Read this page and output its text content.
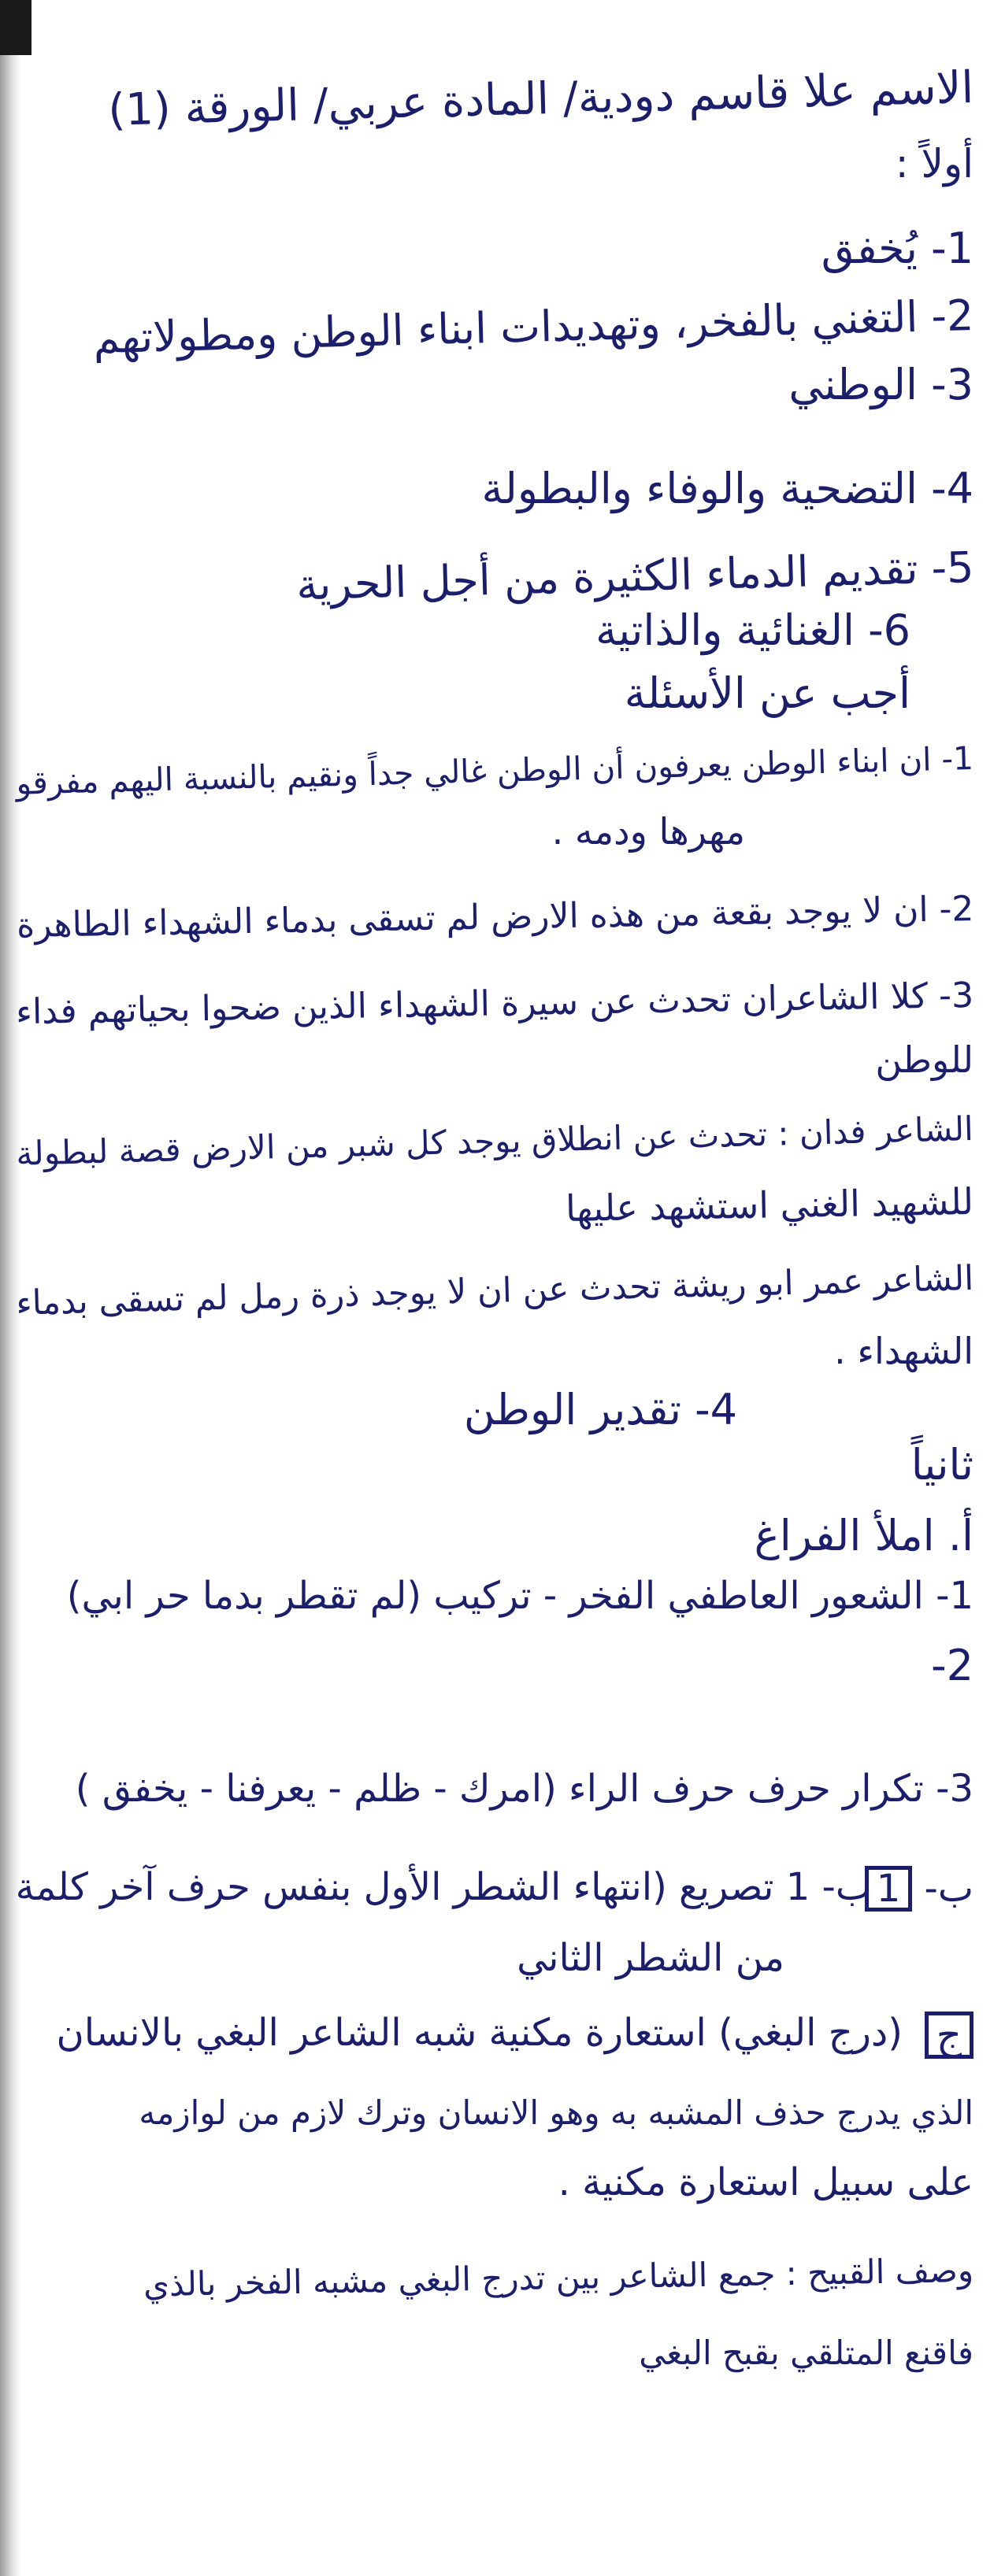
الاسم علا قاسم دودية/ المادة عربي/ الورقة (1)
أولاً :
1- يُخفق
2- التغني بالفخر، وتهديدات ابناء الوطن ومطولاتهم
3- الوطني
4- التضحية والوفاء والبطولة
5- تقديم الدماء الكثيرة من أجل الحرية
6- الغنائية والذاتية
أجب عن الأسئلة
1- ان ابناء الوطن يعرفون أن الوطن غالي جداً ونقيم بالنسبة اليهم مفرقو
مهرها ودمه .
2- ان لا يوجد بقعة من هذه الارض لم تسقى بدماء الشهداء الطاهرة
3- كلا الشاعران تحدث عن سيرة الشهداء الذين ضحوا بحياتهم فداء
للوطن
الشاعر فدان : تحدث عن انطلاق يوجد كل شبر من الارض قصة لبطولة
للشهيد الغني استشهد عليها
الشاعر عمر ابو ريشة تحدث عن ان لا يوجد ذرة رمل لم تسقى بدماء
الشهداء .
4- تقدير الوطن
ثانياً
أ. املأ الفراغ
1- الشعور العاطفي الفخر - تركيب (لم تقطر بدما حر ابي)
2-
3- تكرار حرف حرف الراء (امرك - ظلم - يعرفنا - يخفق )
ب- 1
ب- 1 تصريع (انتهاء الشطر الأول بنفس حرف آخر كلمة
من الشطر الثاني
ج
(درج البغي) استعارة مكنية شبه الشاعر البغي بالانسان
الذي يدرج حذف المشبه به وهو الانسان وترك لازم من لوازمه
على سبيل استعارة مكنية .
وصف القبيح : جمع الشاعر بين تدرج البغي مشبه الفخر بالذي
فاقنع المتلقي بقبح البغي
